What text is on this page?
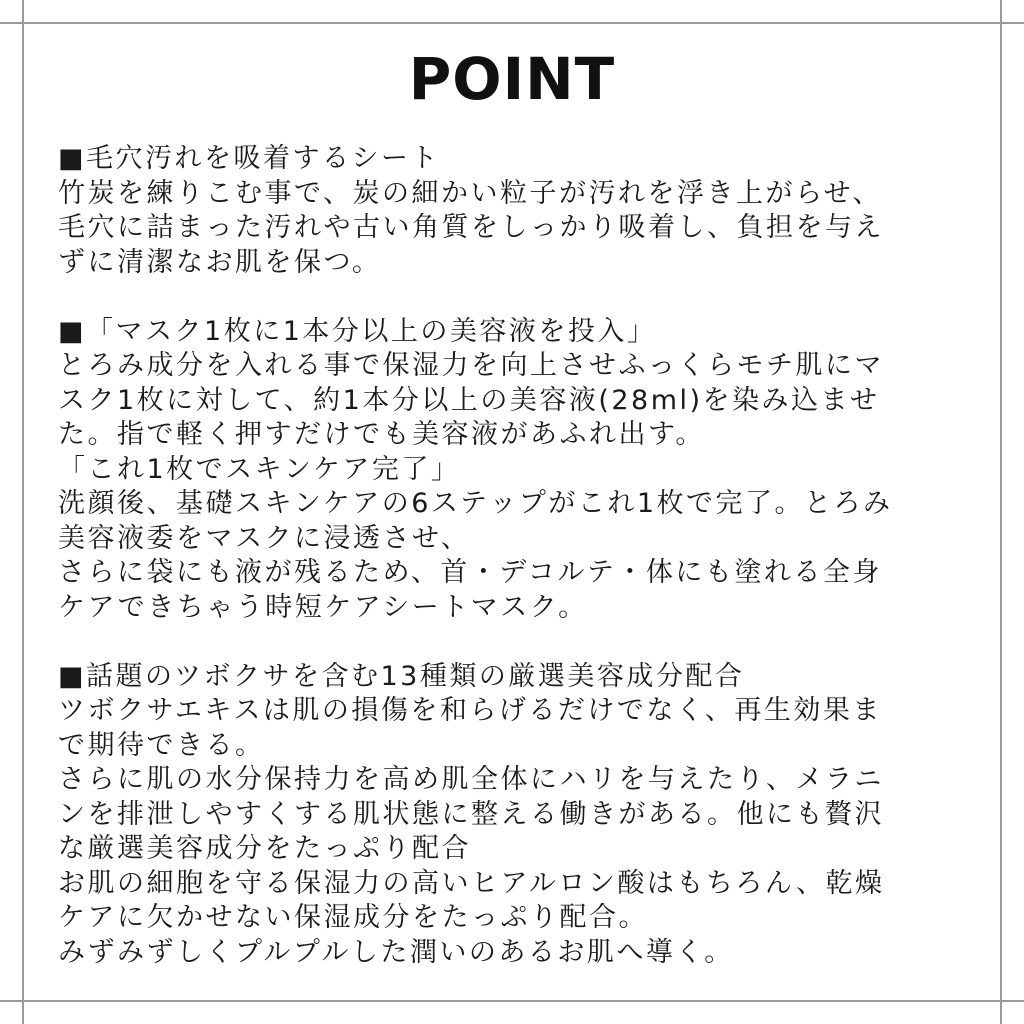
POINT
■毛穴汚れを吸着するシート
竹炭を練りこむ事で、炭の細かい粒子が汚れを浮き上がらせ、
毛穴に詰まった汚れや古い角質をしっかり吸着し、負担を与え
ずに清潔なお肌を保つ。
■「マスク1枚に1本分以上の美容液を投入」
とろみ成分を入れる事で保湿力を向上させふっくらモチ肌にマ
スク1枚に対して、約1本分以上の美容液(28ml)を染み込ませ
た。指で軽く押すだけでも美容液があふれ出す。
「これ1枚でスキンケア完了」
洗顔後、基礎スキンケアの6ステップがこれ1枚で完了。とろみ
美容液委をマスクに浸透させ、
さらに袋にも液が残るため、首・デコルテ・体にも塗れる全身
ケアできちゃう時短ケアシートマスク。
■話題のツボクサを含む13種類の厳選美容成分配合
ツボクサエキスは肌の損傷を和らげるだけでなく、再生効果ま
で期待できる。
さらに肌の水分保持力を高め肌全体にハリを与えたり、メラニ
ンを排泄しやすくする肌状態に整える働きがある。他にも贅沢
な厳選美容成分をたっぷり配合
お肌の細胞を守る保湿力の高いヒアルロン酸はもちろん、乾燥
ケアに欠かせない保湿成分をたっぷり配合。
みずみずしくプルプルした潤いのあるお肌へ導く。
